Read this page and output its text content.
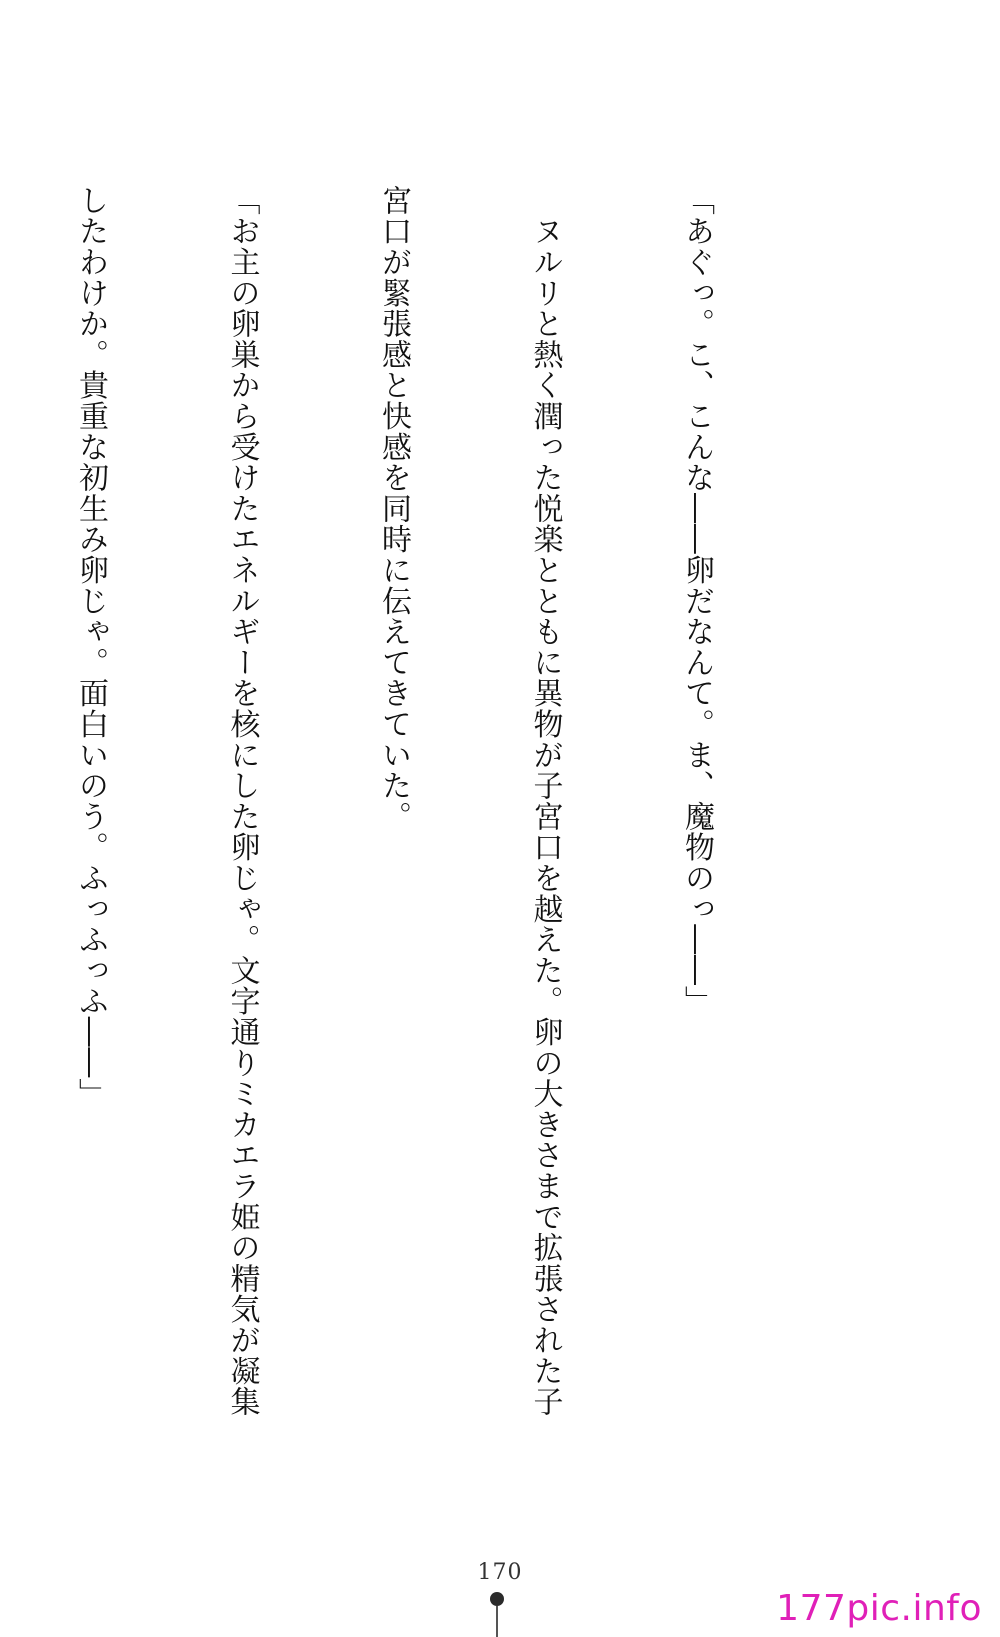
「あぐっ。こ、こんな――卵だなんて。ま、魔物のっ――」

　ヌルリと熱く潤った悦楽とともに異物が子宮口を越えた。卵の大きさまで拡張された子

宮口が緊張感と快感を同時に伝えてきていた。

「お主の卵巣から受けたエネルギーを核にした卵じゃ。文字通りミカエラ姫の精気が凝集

したわけか。貴重な初生み卵じゃ。面白いのう。ふっふっふ――」

170
177pic.info
